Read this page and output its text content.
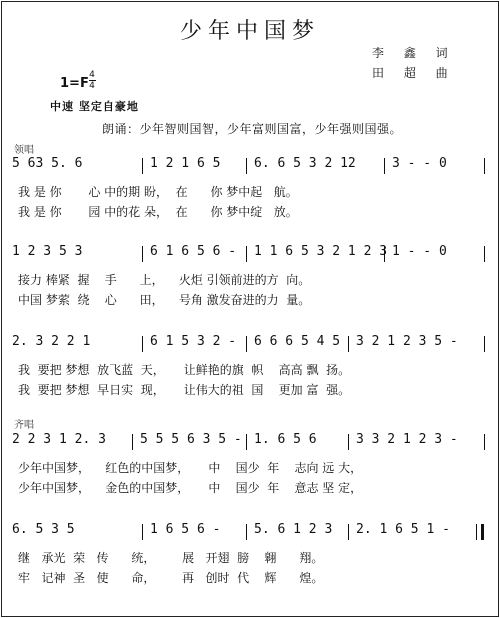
少年中国梦
李 鑫 词
田 超 曲
1=F
4
4
中速 坚定自豪地
朗诵：少年智则国智，少年富则国富，少年强则国强。
领唱
齐唱
5 63 5. 6	1 2 1 6 5	6. 6 5 3 2 12	3 - - 0
我 是 你       心 中的期 盼，  在      你 梦中起   航。
我 是 你       园 中的花 朵，  在      你 梦中绽   放。
1 2 3 5 3	6 1 6 5 6 - 1 1 6 5 3 2 1 2 3 1 - - 0
接力 棒紧  握    手      上，    火炬 引领前进的方  向。
中国 梦萦  绕    心      田，    号角 激发奋进的力  量。
2. 3 2 2 1	6 1 5 3 2 - 6 6 6 5 4 5 3 2 1 2 3 5 -
我  要把 梦想  放飞蓝  天，     让鲜艳的旗  帜    高高 飘  扬。
我  要把 梦想  早日实  现，     让伟大的祖  国    更加 富  强。
2 2 3 1 2. 3	5 5 5 6 3 5 - 1. 6 5 6	3 3 2 1 2 3 -
少年中国梦，    红色的中国梦，     中    国少  年    志向 远 大，
少年中国梦，    金色的中国梦，     中    国少  年    意志 坚 定，
6. 5 3 5	1 6 5 6 -	5. 6 1 2 3 2. 1 6 5 1 -
继   承光  荣   传      统，       展   开翅  膀    翱      翔。
牢   记神  圣   使      命，       再   创时  代    辉      煌。
